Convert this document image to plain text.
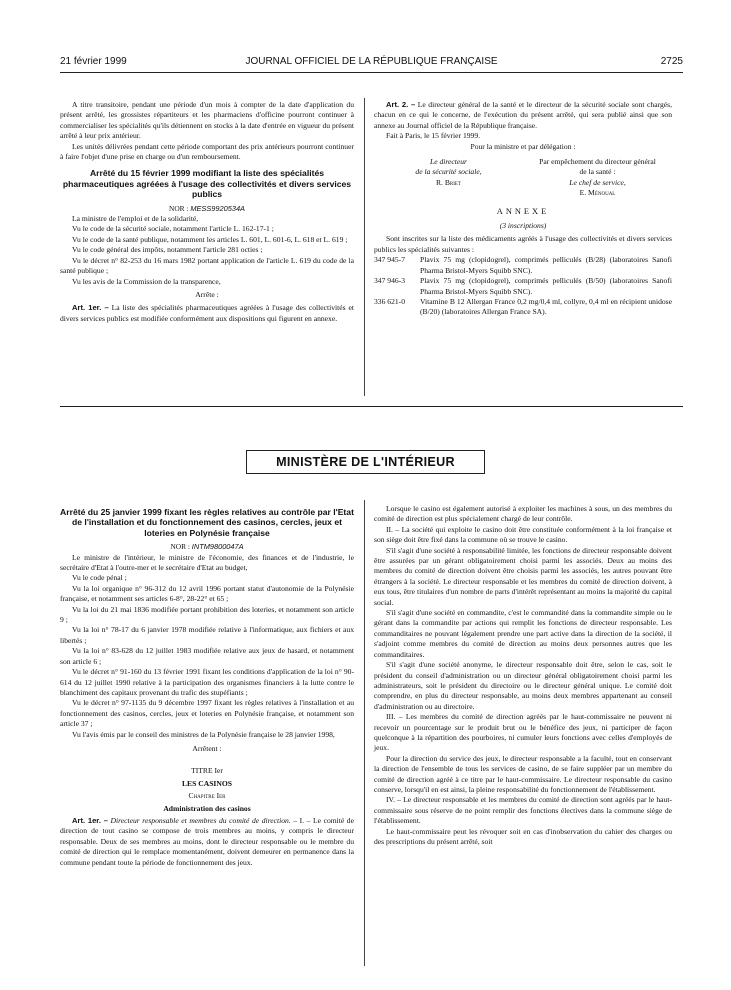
21 février 1999	JOURNAL OFFICIEL DE LA RÉPUBLIQUE FRANÇAISE	2725

A titre transitoire, pendant une période d'un mois à compter de la date d'application du présent arrêté, les grossistes répartiteurs et les pharmaciens d'officine pourront continuer à commercialiser les spécialités qu'ils détiennent en stocks à la date d'entrée en vigueur du présent arrêté à leur prix antérieur.

Les unités délivrées pendant cette période comportant des prix antérieurs pourront continuer à faire l'objet d'une prise en charge ou d'un remboursement.

Arrêté du 15 février 1999 modifiant la liste des spécialités pharmaceutiques agréées à l'usage des collectivités et divers services publics

NOR : MESS9920534A

La ministre de l'emploi et de la solidarité,

Vu le code de la sécurité sociale, notamment l'article L. 162-17-1 ;

Vu le code de la santé publique, notamment les articles L. 601, L. 601-6, L. 618 et L. 619 ;

Vu le code général des impôts, notamment l'article 281 octies ;

Vu le décret n° 82-253 du 16 mars 1982 portant application de l'article L. 619 du code de la santé publique ;

Vu les avis de la Commission de la transparence,

Arrête :

Art. 1er. – La liste des spécialités pharmaceutiques agréées à l'usage des collectivités et divers services publics est modifiée conformément aux dispositions qui figurent en annexe.

Art. 2. – Le directeur général de la santé et le directeur de la sécurité sociale sont chargés, chacun en ce qui le concerne, de l'exécution du présent arrêté, qui sera publié ainsi que son annexe au Journal officiel de la République française.

Fait à Paris, le 15 février 1999.

Pour la ministre et par délégation :

Le directeur
de la sécurité sociale,
R. Briet
Par empêchement du directeur général
de la santé :
Le chef de service,
E. Ménoual
ANNEXE

(3 inscriptions)

Sont inscrites sur la liste des médicaments agréés à l'usage des collectivités et divers services publics les spécialités suivantes :

347 945-7	Plavix 75 mg (clopidogrel), comprimés pelliculés (B/28) (laboratoires Sanofi Pharma Bristol-Myers Squibb SNC).
347 946-3	Plavix 75 mg (clopidogrel), comprimés pelliculés (B/50) (laboratoires Sanofi Pharma Bristol-Myers Squibb SNC).
336 621-0	Vitamine B 12 Allergan France 0,2 mg/0,4 ml, collyre, 0,4 ml en récipient unidose (B/20) (laboratoires Allergan France SA).
MINISTÈRE DE L'INTÉRIEUR
Arrêté du 25 janvier 1999 fixant les règles relatives au contrôle par l'Etat de l'installation et du fonctionnement des casinos, cercles, jeux et loteries en Polynésie française

NOR : INTM9800047A

Le ministre de l'intérieur, le ministre de l'économie, des finances et de l'industrie, le secrétaire d'Etat à l'outre-mer et le secrétaire d'Etat au budget,

Vu le code pénal ;

Vu la loi organique n° 96-312 du 12 avril 1996 portant statut d'autonomie de la Polynésie française, et notamment ses articles 6-8°, 28-22° et 65 ;

Vu la loi du 21 mai 1836 modifiée portant prohibition des loteries, et notamment son article 9 ;

Vu la loi n° 78-17 du 6 janvier 1978 modifiée relative à l'informatique, aux fichiers et aux libertés ;

Vu la loi n° 83-628 du 12 juillet 1983 modifiée relative aux jeux de hasard, et notamment son article 6 ;

Vu le décret n° 91-160 du 13 février 1991 fixant les conditions d'application de la loi n° 90-614 du 12 juillet 1990 relative à la participation des organismes financiers à la lutte contre le blanchiment des capitaux provenant du trafic des stupéfiants ;

Vu le décret n° 97-1135 du 9 décembre 1997 fixant les règles relatives à l'installation et au fonctionnement des casinos, cercles, jeux et loteries en Polynésie française, et notamment son article 37 ;

Vu l'avis émis par le conseil des ministres de la Polynésie française le 28 janvier 1998,

Arrêtent :

TITRE Ier

LES CASINOS

Chapitre Ier

Administration des casinos

Art. 1er. – Directeur responsable et membres du comité de direction. – I. – Le comité de direction de tout casino se compose de trois membres au moins, y compris le directeur responsable. Deux de ses membres au moins, dont le directeur responsable ou le membre du comité de direction qui le remplace momentanément, doivent demeurer en permanence dans la commune pendant toute la période de fonctionnement des jeux.

Lorsque le casino est également autorisé à exploiter les machines à sous, un des membres du comité de direction est plus spécialement chargé de leur contrôle.

II. – La société qui exploite le casino doit être constituée conformément à la loi française et son siège doit être fixé dans la commune où se trouve le casino.

S'il s'agit d'une société à responsabilité limitée, les fonctions de directeur responsable doivent être assurées par un gérant obligatoirement choisi parmi les associés. Deux au moins des membres du comité de direction doivent être choisis parmi les associés, les autres pouvant être étrangers à la société. Le directeur responsable et les membres du comité de direction doivent, à eux tous, être titulaires d'un nombre de parts d'intérêt représentant au moins la majorité du capital social.

S'il s'agit d'une société en commandite, c'est le commandité dans la commandite simple ou le gérant dans la commandite par actions qui remplit les fonctions de directeur responsable. Les commanditaires ne pouvant légalement prendre une part active dans la direction de la société, il s'adjoint comme membres du comité de direction au moins deux personnes autres que les commanditaires.

S'il s'agit d'une société anonyme, le directeur responsable doit être, selon le cas, soit le président du conseil d'administration ou un directeur général obligatoirement choisi parmi les administrateurs, soit le président du directoire ou le directeur général unique. Le comité doit comprendre, en plus du directeur responsable, au moins deux membres appartenant au conseil d'administration ou au directoire.

III. – Les membres du comité de direction agréés par le haut-commissaire ne peuvent ni recevoir un pourcentage sur le produit brut ou le bénéfice des jeux, ni participer de façon quelconque à la répartition des pourboires, ni cumuler leurs fonctions avec celles d'employés de jeux.

Pour la direction du service des jeux, le directeur responsable a la faculté, tout en conservant la direction de l'ensemble de tous les services de casino, de se faire suppléer par un membre du comité de direction agréé à ce titre par le haut-commissaire. Le directeur responsable du casino conserve, lorsqu'il en est ainsi, la pleine responsabilité du fonctionnement de l'établissement.

IV. – Le directeur responsable et les membres du comité de direction sont agréés par le haut-commissaire sous réserve de ne point remplir des fonctions électives dans la commune siège de l'établissement.

Le haut-commissaire peut les révoquer soit en cas d'inobservation du cahier des charges ou des prescriptions du présent arrêté, soit
